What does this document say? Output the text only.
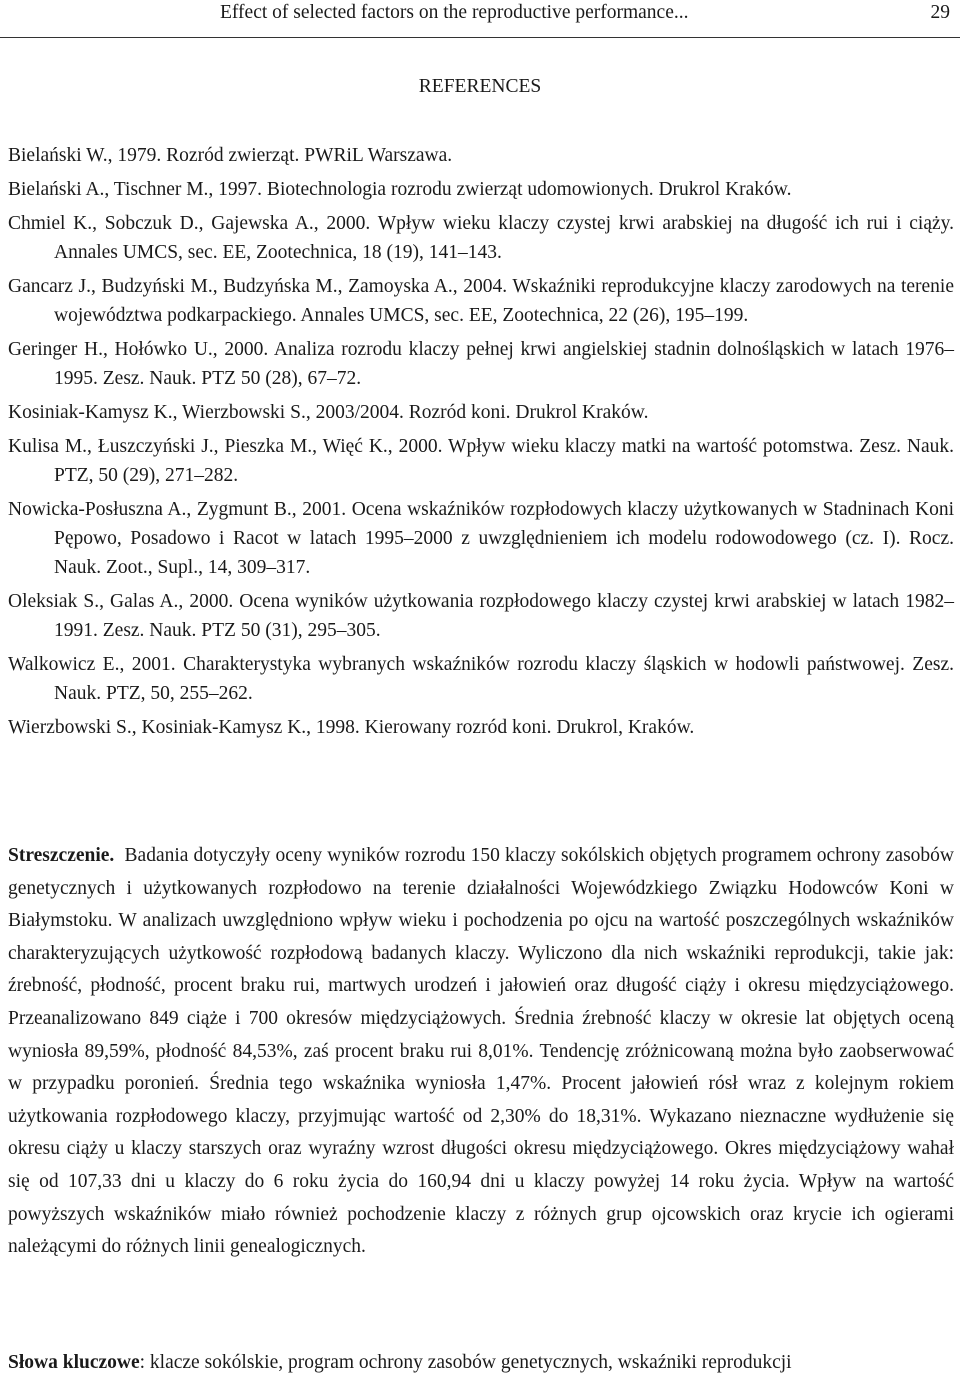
Effect of selected factors on the reproductive performance...	29
REFERENCES
Bielański W., 1979. Rozród zwierząt. PWRiL Warszawa.
Bielański A., Tischner M., 1997. Biotechnologia rozrodu zwierząt udomowionych. Drukrol Kraków.
Chmiel K., Sobczuk D., Gajewska A., 2000. Wpływ wieku klaczy czystej krwi arabskiej na długość ich rui i ciąży. Annales UMCS, sec. EE, Zootechnica, 18 (19), 141–143.
Gancarz J., Budzyński M., Budzyńska M., Zamoyska A., 2004. Wskaźniki reprodukcyjne klaczy zarodowych na terenie województwa podkarpackiego. Annales UMCS, sec. EE, Zootechnica, 22 (26), 195–199.
Geringer H., Hołówko U., 2000. Analiza rozrodu klaczy pełnej krwi angielskiej stadnin dolnośląskich w latach 1976–1995. Zesz. Nauk. PTZ 50 (28), 67–72.
Kosiniak-Kamysz K., Wierzbowski S., 2003/2004. Rozród koni. Drukrol Kraków.
Kulisa M., Łuszczyński J., Pieszka M., Więć K., 2000. Wpływ wieku klaczy matki na wartość potomstwa. Zesz. Nauk. PTZ, 50 (29), 271–282.
Nowicka-Posłuszna A., Zygmunt B., 2001. Ocena wskaźników rozpłodowych klaczy użytkowanych w Stadninach Koni Pępowo, Posadowo i Racot w latach 1995–2000 z uwzględnieniem ich modelu rodowodowego (cz. I). Rocz. Nauk. Zoot., Supl., 14, 309–317.
Oleksiak S., Galas A., 2000. Ocena wyników użytkowania rozpłodowego klaczy czystej krwi arabskiej w latach 1982–1991. Zesz. Nauk. PTZ 50 (31), 295–305.
Walkowicz E., 2001. Charakterystyka wybranych wskaźników rozrodu klaczy śląskich w hodowli państwowej. Zesz. Nauk. PTZ, 50, 255–262.
Wierzbowski S., Kosiniak-Kamysz K., 1998. Kierowany rozród koni. Drukrol, Kraków.

Streszczenie. Badania dotyczyły oceny wyników rozrodu 150 klaczy sokólskich objętych programem ochrony zasobów genetycznych i użytkowanych rozpłodowo na terenie działalności Wojewódzkiego Związku Hodowców Koni w Białymstoku. W analizach uwzględniono wpływ wieku i pochodzenia po ojcu na wartość poszczególnych wskaźników charakteryzujących użytkowość rozpłodową badanych klaczy. Wyliczono dla nich wskaźniki reprodukcji, takie jak: źrebność, płodność, procent braku rui, martwych urodzeń i jałowień oraz długość ciąży i okresu międzyciążowego. Przeanalizowano 849 ciąże i 700 okresów międzyciążowych. Średnia źrebność klaczy w okresie lat objętych oceną wyniosła 89,59%, płodność 84,53%, zaś procent braku rui 8,01%. Tendencję zróżnicowaną można było zaobserwować w przypadku poronień. Średnia tego wskaźnika wyniosła 1,47%. Procent jałowień rósł wraz z kolejnym rokiem użytkowania rozpłodowego klaczy, przyjmując wartość od 2,30% do 18,31%. Wykazano nieznaczne wydłużenie się okresu ciąży u klaczy starszych oraz wyraźny wzrost długości okresu międzyciążowego. Okres międzyciążowy wahał się od 107,33 dni u klaczy do 6 roku życia do 160,94 dni u klaczy powyżej 14 roku życia. Wpływ na wartość powyższych wskaźników miało również pochodzenie klaczy z różnych grup ojcowskich oraz krycie ich ogierami należącymi do różnych linii genealogicznych.

Słowa kluczowe: klacze sokólskie, program ochrony zasobów genetycznych, wskaźniki reprodukcji
